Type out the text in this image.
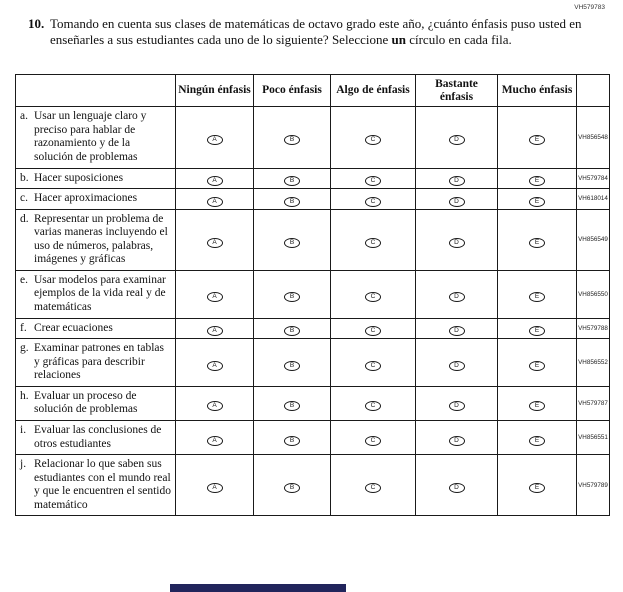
VH579783
10. Tomando en cuenta sus clases de matemáticas de octavo grado este año, ¿cuánto énfasis puso usted en enseñarles a sus estudiantes cada uno de lo siguiente? Seleccione un círculo en cada fila.
	Ningún énfasis	Poco énfasis	Algo de énfasis	Bastante énfasis	Mucho énfasis	

a. Usar un lenguaje claro y preciso para hablar de razonamiento y de la solución de problemas	A	B	C	D	E	VH856548

b. Hacer suposiciones	A	B	C	D	E	VH579784

c. Hacer aproximaciones	A	B	C	D	E	VH618014

d. Representar un problema de varias maneras incluyendo el uso de números, palabras, imágenes y gráficas	A	B	C	D	E	VH856549

e. Usar modelos para examinar ejemplos de la vida real y de matemáticas	A	B	C	D	E	VH856550

f. Crear ecuaciones	A	B	C	D	E	VH579788

g. Examinar patrones en tablas y gráficas para describir relaciones	A	B	C	D	E	VH856552

h. Evaluar un proceso de solución de problemas	A	B	C	D	E	VH579787

i. Evaluar las conclusiones de otros estudiantes	A	B	C	D	E	VH856551

j. Relacionar lo que saben sus estudiantes con el mundo real y que le encuentren el sentido matemático	A	B	C	D	E	VH579789
